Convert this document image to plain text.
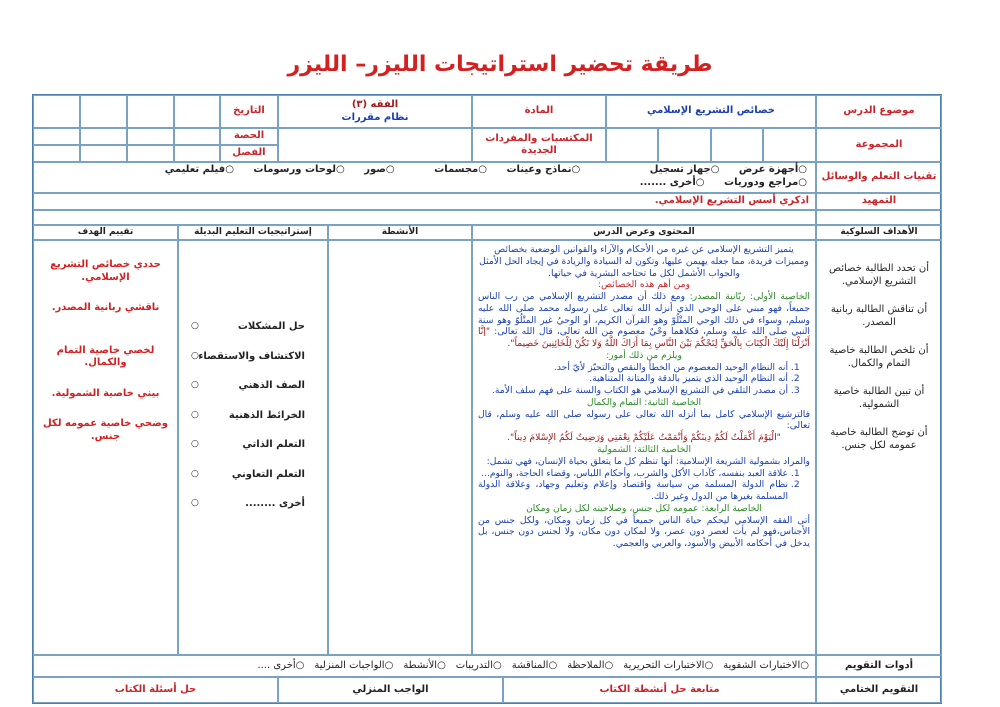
طريقة تحضير استراتيجات الليزر– الليزر
موضوع الدرس
خصائص التشريع الإسلامي
المادة
الفقه (٣)
نظام مقررات
التاريخ
المجموعة
المكتسبات والمفردات الجديدة
الحصة
الفصل
تقنيات التعلم والوسائل
○أجهزة عرض ○جهاز تسجيل ○نماذج وعينات ○مجسمات ○صور ○لوحات ورسومات ○فيلم تعليمي
○مراجع ودوريات ○أخرى .......
التمهيد
اذكري أسس التشريع الإسلامي.
الأهداف السلوكية
المحتوى وعرض الدرس
الأنشطة
إستراتيجيات التعليم البديلة
تقييم الهدف

أن تحدد الطالبة خصائص التشريع الإسلامي.

أن تناقش الطالبة ربانية المصدر.

أن تلخص الطالبة خاصية التمام والكمال.

أن تبين الطالبة خاصية الشمولية.

أن توضح الطالبة خاصية عمومه لكل جنس.

يتميز التشريع الإسلامي عن غيره من الأحكام والآراء والقوانين الوضعية بخصائص ومميزات فريدة، مما جعله يهيمن عليها، وتكون له السيادة والريادة في إيجاد الحل الأمثل والجواب الأشمل لكل ما تحتاجه البشرية في حياتها.

ومن أهم هذه الخصائص:

الخاصية الأولى: ربّانية المصدر: ومع ذلك أن مصدر التشريع الإسلامي من رب الناس جميعاً، فهو مبني على الوحي الذي أنزله الله تعالى على رسوله محمد صلى الله عليه وسلم، وسواء في ذلك الوحي المتْلُوّ وهو القرآن الكريم، أو الوحيُ غير المتْلُوّ وهو سنة النبي صلى الله عليه وسلم، فكلاهما وحْيٌ معصوم من الله تعالى، قال الله تعالى: "إنَّا أَنْزَلْنَا إِلَيْكَ الْكِتَابَ بِالْحَقِّ لِتَحْكُمَ بَيْنَ النَّاسِ بِمَا أَرَاكَ اللَّهُ وَلا تَكُنْ لِلْخَائِنِينَ خَصِيماً".

ويلزم من ذلك أمور:

1. أنه النظام الوحيد المعصوم من الخطأ والنقص والتحيّز لأيّ أحد.
2. أنه النظام الوحيد الذي يتميز بالدقة والمتانة المتناهية.
3. أن مصدر التلقي في التشريع الإسلامي هو الكتاب والسنة على فهم سلف الأمة.

الخاصية الثانية: التمام والكمال

فالترشيع الإسلامي كامل بما أنزله الله تعالى على رسوله صلى الله عليه وسلم، قال تعالى:

"الْيَوْمَ أَكْمَلْتُ لَكُمْ دِينَكُمْ وَأَتْمَمْتُ عَلَيْكُمْ نِعْمَتِي وَرَضِيتُ لَكُمُ الإِسْلامَ دِيناً".

الخاصية الثالثة: الشمولية

والمراد بشمولية الشريعة الإسلامية: أنها تنظم كل ما يتعلق بحياة الإنسان، فهي تشمل:

1. علاقة العبد بنفسه، كآداب الأكل والشرب، وأحكام اللباس، وقضاء الحاجة، والنوم...
2. نظام الدولة المسلمة من سياسة واقتصاد وإعلام وتعليم وجهاد، وعلاقة الدولة المسلمة بغيرها من الدول وغير ذلك.

الخاصية الرابعة: عمومه لكل جنس، وصلاحيته لكل زمان ومكان

أتى الفقه الإسلامي ليحكم حياة الناس جميعاً في كل زمان ومكان، ولكل جنس من الأجناس،فهو لم يأت لعصر دون عصر، ولا لمكان دون مكان، ولا لجنس دون جنس، بل يدخل في أحكامه الأبيض والأسود، والعربي والعجمي.

حل المشكلات ○
الاكتشاف والاستقصاء ○
الصف الذهني ○
الخرائط الذهنية ○
التعلم الذاتي ○
التعلم التعاوني ○
أخرى ........ ○

حددي خصائص التشريع الإسلامي.

ناقشي ربانية المصدر.

لخصي خاصية التمام والكمال.

بيني خاصية الشمولية.

وضحي خاصية عمومه لكل جنس.

أدوات التقويم
○الاختبارات الشفوية
○الاختبارات التحريرية
○الملاحظة
○المناقشة
○التدريبات
○الأنشطة
○الواجبات المنزلية
○أخرى ....
التقويم الختامي
متابعة حل أنشطة الكتاب
الواجب المنزلي
حل أسئلة الكتاب
